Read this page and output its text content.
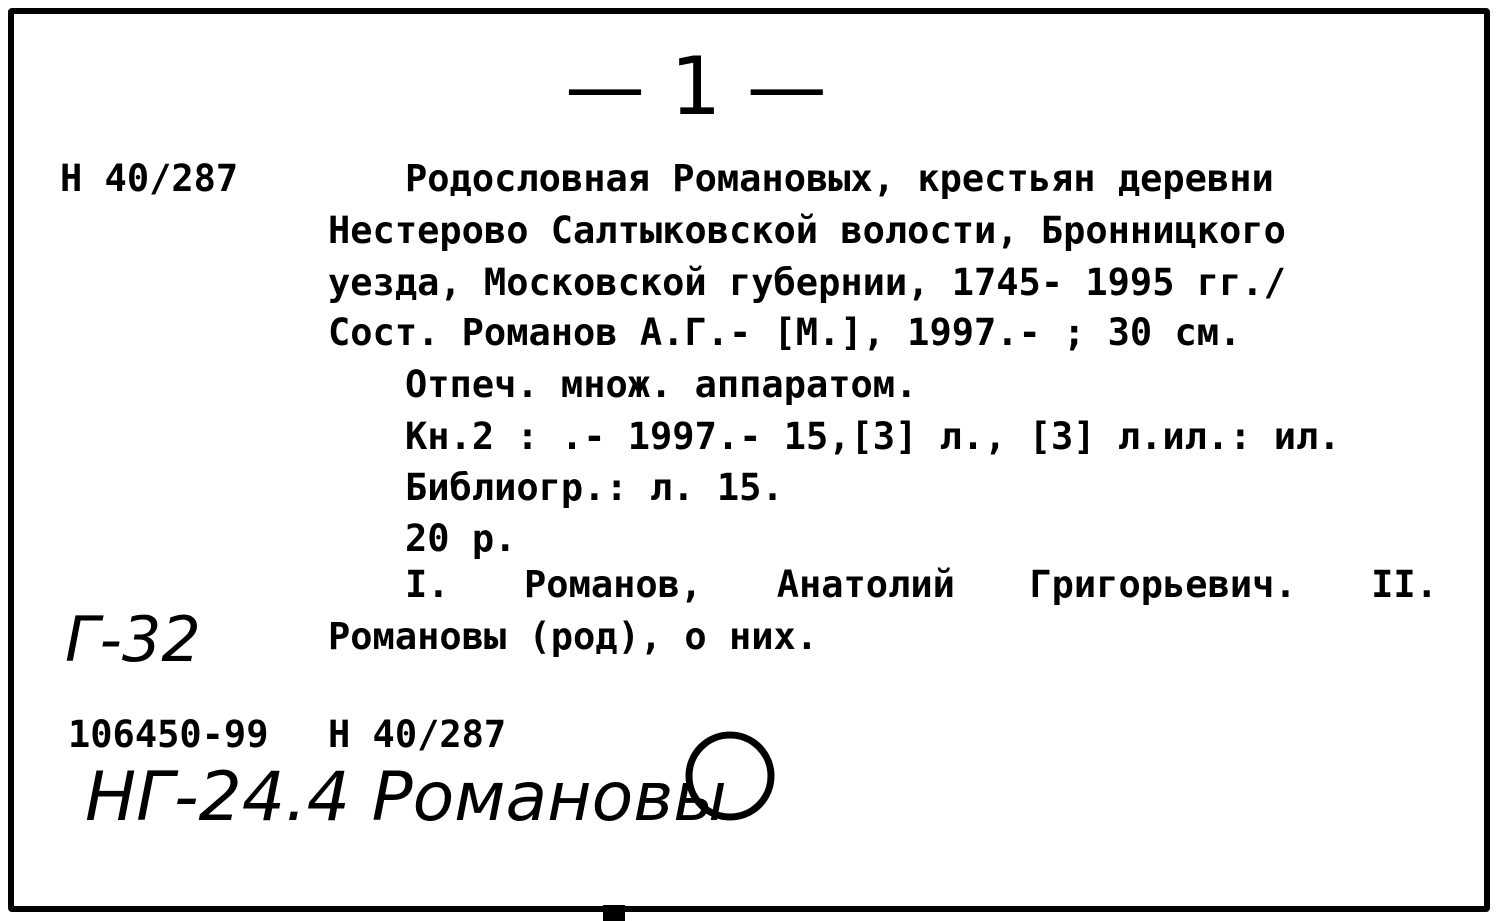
— 1 —
Н 40/287	Родословная Романовых, крестьян деревни
Нестерово Салтыковской волости, Бронницкого
уезда, Московской губернии, 1745- 1995 гг./
Сост. Романов А.Г.- [М.], 1997.- ; 30 см.
Отпеч. множ. аппаратом.
Кн.2 : .- 1997.- 15,[3] л., [3] л.ил.: ил.
Библиогр.: л. 15.
20 р.
I. Романов, Анатолий Григорьевич. II.
Романовы (род), о них.
Г-32
106450-99 Н 40/287
НГ-24.4 Романовы
